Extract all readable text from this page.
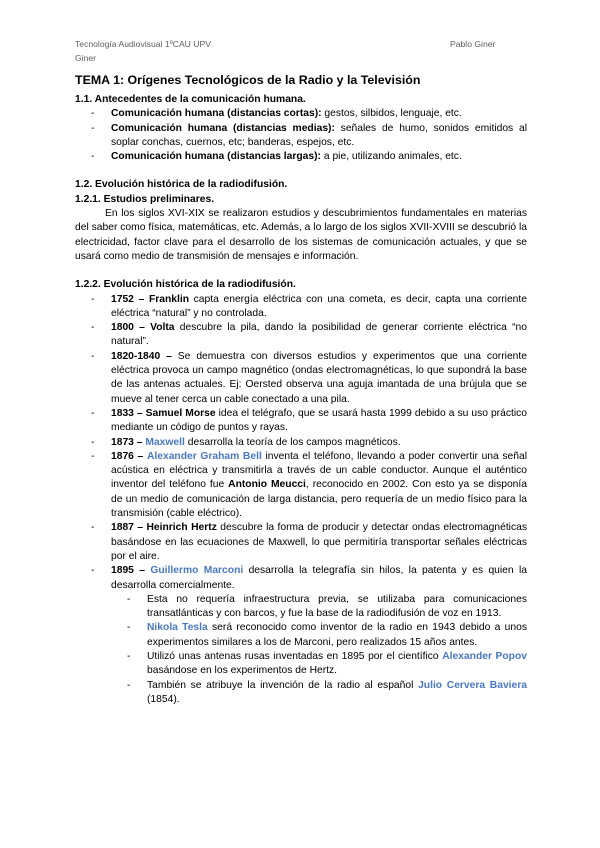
Tecnología Audiovisual 1ºCAU UPV
Giner
Pablo Giner
TEMA 1: Orígenes Tecnológicos de la Radio y la Televisión
1.1. Antecedentes de la comunicación humana.
- Comunicación humana (distancias cortas): gestos, silbidos, lenguaje, etc.
- Comunicación humana (distancias medias): señales de humo, sonidos emitidos al soplar conchas, cuernos, etc; banderas, espejos, etc.
- Comunicación humana (distancias largas): a pie, utilizando animales, etc.
1.2. Evolución histórica de la radiodifusión.
1.2.1. Estudios preliminares.

En los siglos XVI-XIX se realizaron estudios y descubrimientos fundamentales en materias del saber como física, matemáticas, etc. Además, a lo largo de los siglos XVII-XVIII se descubrió la electricidad, factor clave para el desarrollo de los sistemas de comunicación actuales, y que se usará como medio de transmisión de mensajes e información.

1.2.2. Evolución histórica de la radiodifusión.
- 1752 – Franklin capta energía eléctrica con una cometa, es decir, capta una corriente eléctrica “natural” y no controlada.
- 1800 – Volta descubre la pila, dando la posibilidad de generar corriente eléctrica “no natural”.
- 1820-1840 – Se demuestra con diversos estudios y experimentos que una corriente eléctrica provoca un campo magnético (ondas electromagnéticas, lo que supondrá la base de las antenas actuales. Ej: Oersted observa una aguja imantada de una brújula que se mueve al tener cerca un cable conectado a una pila.
- 1833 – Samuel Morse idea el telégrafo, que se usará hasta 1999 debido a su uso práctico mediante un código de puntos y rayas.
- 1873 – Maxwell desarrolla la teoría de los campos magnéticos.
- 1876 – Alexander Graham Bell inventa el teléfono, llevando a poder convertir una señal acústica en eléctrica y transmitirla a través de un cable conductor. Aunque el auténtico inventor del teléfono fue Antonio Meucci, reconocido en 2002. Con esto ya se disponía de un medio de comunicación de larga distancia, pero requería de un medio físico para la transmisión (cable eléctrico).
- 1887 – Heinrich Hertz descubre la forma de producir y detectar ondas electromagnéticas basándose en las ecuaciones de Maxwell, lo que permitiría transportar señales eléctricas por el aire.
- 1895 – Guillermo Marconi desarrolla la telegrafía sin hilos, la patenta y es quien la desarrolla comercialmente.
- Esta no requería infraestructura previa, se utilizaba para comunicaciones transatlánticas y con barcos, y fue la base de la radiodifusión de voz en 1913.
- Nikola Tesla será reconocido como inventor de la radio en 1943 debido a unos experimentos similares a los de Marconi, pero realizados 15 años antes.
- Utilizó unas antenas rusas inventadas en 1895 por el científico Alexander Popov basándose en los experimentos de Hertz.
- También se atribuye la invención de la radio al español Julio Cervera Baviera (1854).
